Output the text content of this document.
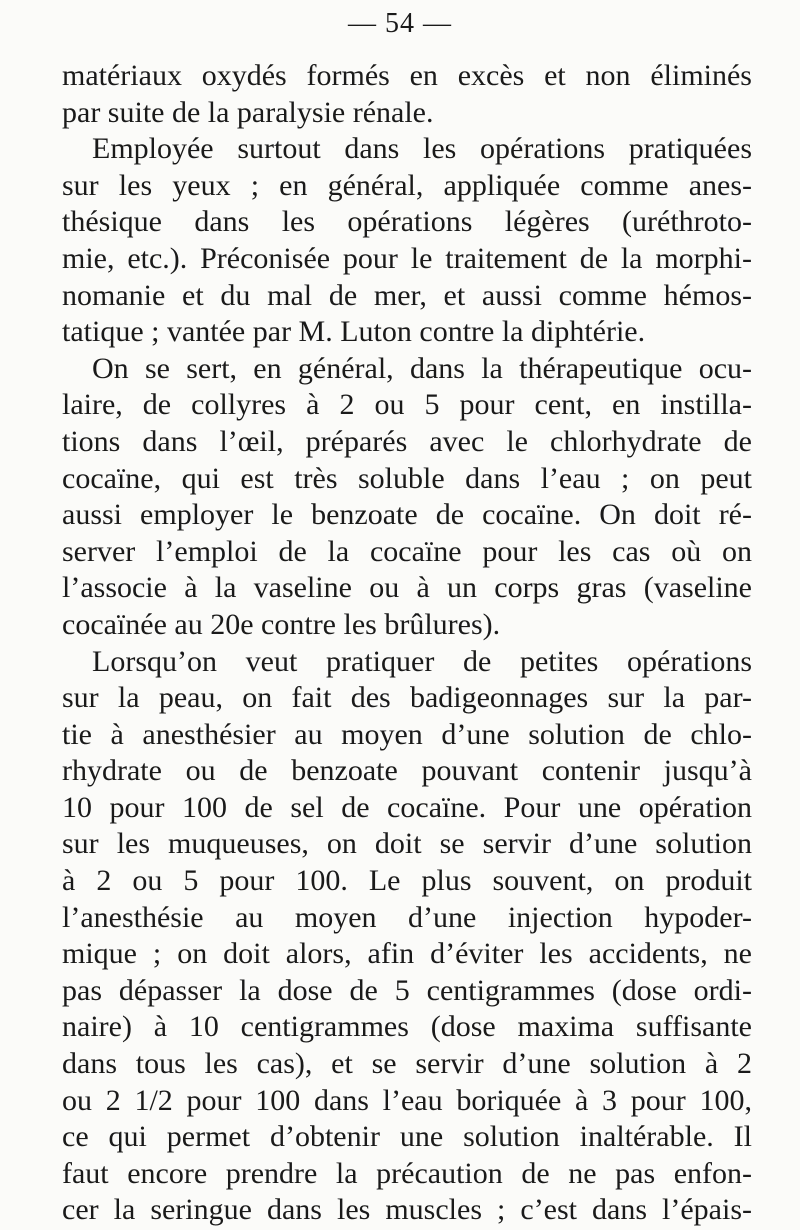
— 54 —
matériaux oxydés formés en excès et non éliminés
par suite de la paralysie rénale.
Employée surtout dans les opérations pratiquées
sur les yeux ; en général, appliquée comme anes-
thésique dans les opérations légères (uréthroto-
mie, etc.). Préconisée pour le traitement de la morphi-
nomanie et du mal de mer, et aussi comme hémos-
tatique ; vantée par M. Luton contre la diphtérie.
On se sert, en général, dans la thérapeutique ocu-
laire, de collyres à 2 ou 5 pour cent, en instilla-
tions dans l’œil, préparés avec le chlorhydrate de
cocaïne, qui est très soluble dans l’eau ; on peut
aussi employer le benzoate de cocaïne. On doit ré-
server l’emploi de la cocaïne pour les cas où on
l’associe à la vaseline ou à un corps gras (vaseline
cocaïnée au 20e contre les brûlures).
Lorsqu’on veut pratiquer de petites opérations
sur la peau, on fait des badigeonnages sur la par-
tie à anesthésier au moyen d’une solution de chlo-
rhydrate ou de benzoate pouvant contenir jusqu’à
10 pour 100 de sel de cocaïne. Pour une opération
sur les muqueuses, on doit se servir d’une solution
à 2 ou 5 pour 100. Le plus souvent, on produit
l’anesthésie au moyen d’une injection hypoder-
mique ; on doit alors, afin d’éviter les accidents, ne
pas dépasser la dose de 5 centigrammes (dose ordi-
naire) à 10 centigrammes (dose maxima suffisante
dans tous les cas), et se servir d’une solution à 2
ou 2 1/2 pour 100 dans l’eau boriquée à 3 pour 100,
ce qui permet d’obtenir une solution inaltérable. Il
faut encore prendre la précaution de ne pas enfon-
cer la seringue dans les muscles ; c’est dans l’épais-
